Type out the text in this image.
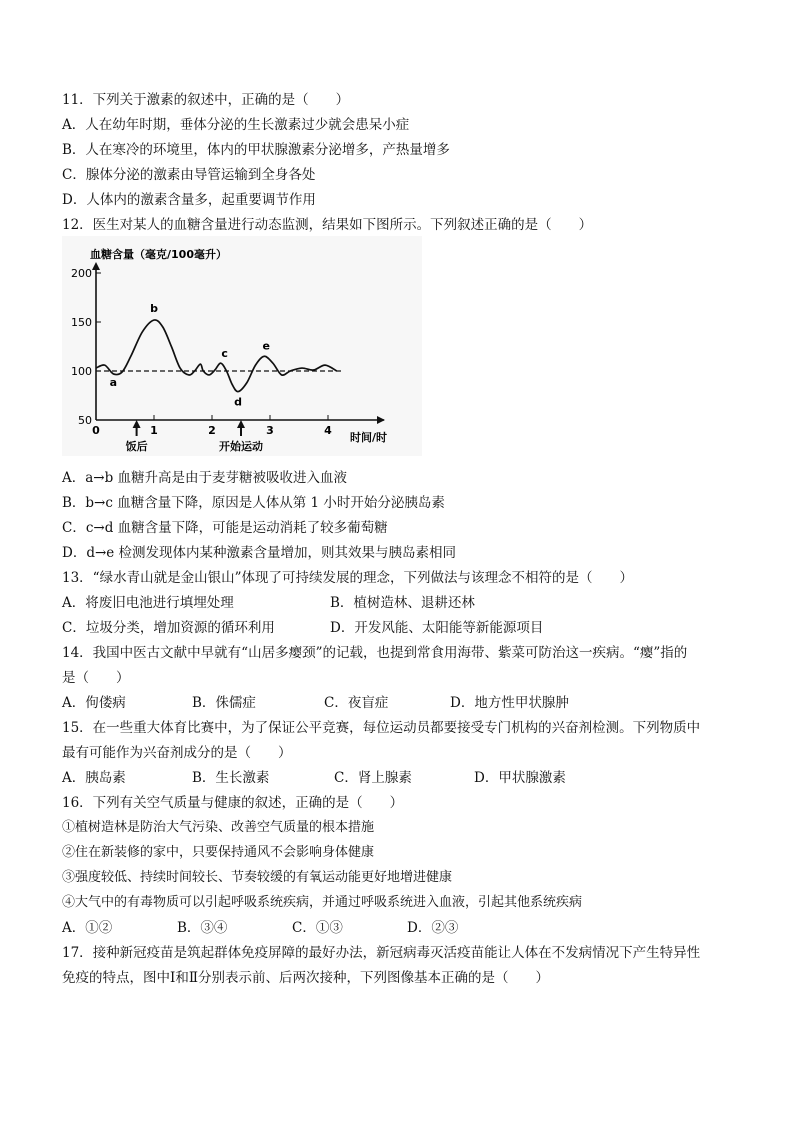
11．下列关于激素的叙述中，正确的是（　　）
A．人在幼年时期，垂体分泌的生长激素过少就会患呆小症
B．人在寒冷的环境里，体内的甲状腺激素分泌增多，产热量增多
C．腺体分泌的激素由导管运输到全身各处
D．人体内的激素含量多，起重要调节作用
12．医生对某人的血糖含量进行动态监测，结果如下图所示。下列叙述正确的是（　　）
血糖含量（毫克/100毫升）
50
100
150
200
0	1	2	3	4
a
b
c
d
e
饭后	开始运动
时间/时
A．a→b 血糖升高是由于麦芽糖被吸收进入血液
B．b→c 血糖含量下降，原因是人体从第 1 小时开始分泌胰岛素
C．c→d 血糖含量下降，可能是运动消耗了较多葡萄糖
D．d→e 检测发现体内某种激素含量增加，则其效果与胰岛素相同
13．“绿水青山就是金山银山”体现了可持续发展的理念，下列做法与该理念不相符的是（　　）
A．将废旧电池进行填埋处理	B．植树造林、退耕还林
C．垃圾分类，增加资源的循环利用	D．开发风能、太阳能等新能源项目
14．我国中医古文献中早就有“山居多瘿颈”的记载，也提到常食用海带、紫菜可防治这一疾病。“瘿”指的
是（　　）
A．佝偻病	B．侏儒症	C．夜盲症	D．地方性甲状腺肿
15．在一些重大体育比赛中，为了保证公平竞赛，每位运动员都要接受专门机构的兴奋剂检测。下列物质中
最有可能作为兴奋剂成分的是（　　）
A．胰岛素	B．生长激素	C．肾上腺素	D．甲状腺激素
16．下列有关空气质量与健康的叙述，正确的是（　　）
①植树造林是防治大气污染、改善空气质量的根本措施
②住在新装修的家中，只要保持通风不会影响身体健康
③强度较低、持续时间较长、节奏较缓的有氧运动能更好地增进健康
④大气中的有毒物质可以引起呼吸系统疾病，并通过呼吸系统进入血液，引起其他系统疾病
A．①②	B．③④	C．①③	D．②③
17．接种新冠疫苗是筑起群体免疫屏障的最好办法，新冠病毒灭活疫苗能让人体在不发病情况下产生特异性
免疫的特点，图中Ⅰ和Ⅱ分别表示前、后两次接种，下列图像基本正确的是（　　）
